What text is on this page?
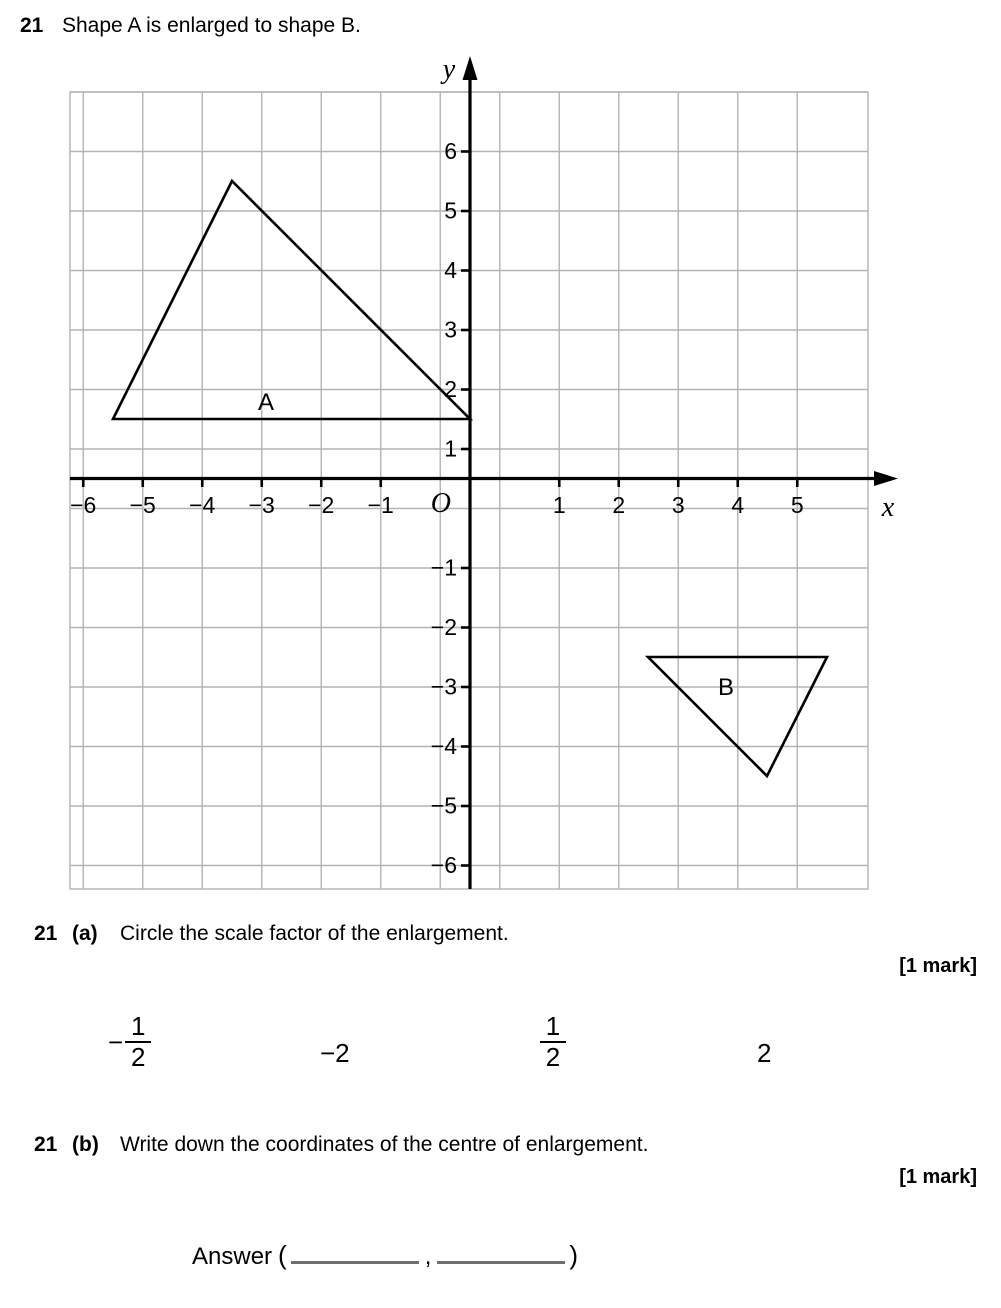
21 Shape A is enlarged to shape B.
−6 −5 −4 −3 −2 −1	1 2 3 4 5
6
5
4
3
2
1
−1
−2
−3
−4
−5
−6
O
y
x
A
B
21 (a)	Circle the scale factor of the enlargement.
[1 mark]
− $\frac{1}{2}$	−2	$\frac{1}{2}$	2
21 (b)	Write down the coordinates of the centre of enlargement.
[1 mark]
Answer (	,	)
